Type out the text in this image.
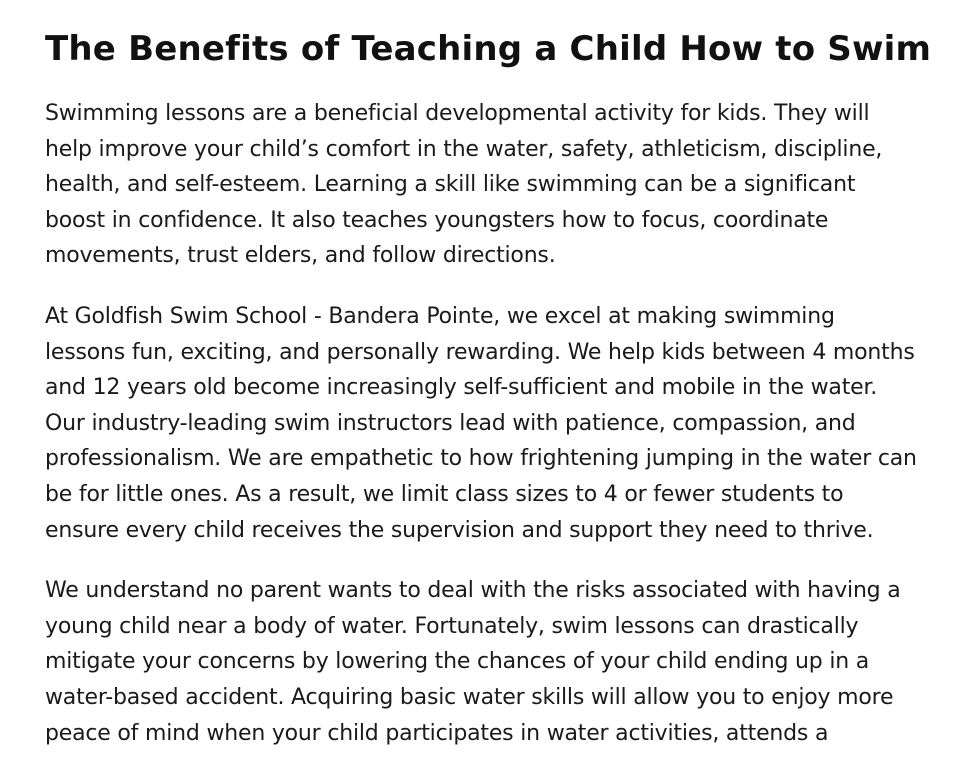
The Benefits of Teaching a Child How to Swim

Swimming lessons are a beneficial developmental activity for kids. They will
help improve your child’s comfort in the water, safety, athleticism, discipline,
health, and self-esteem. Learning a skill like swimming can be a significant
boost in confidence. It also teaches youngsters how to focus, coordinate
movements, trust elders, and follow directions.

At Goldfish Swim School - Bandera Pointe, we excel at making swimming
lessons fun, exciting, and personally rewarding. We help kids between 4 months
and 12 years old become increasingly self-sufficient and mobile in the water.
Our industry-leading swim instructors lead with patience, compassion, and
professionalism. We are empathetic to how frightening jumping in the water can
be for little ones. As a result, we limit class sizes to 4 or fewer students to
ensure every child receives the supervision and support they need to thrive.

We understand no parent wants to deal with the risks associated with having a
young child near a body of water. Fortunately, swim lessons can drastically
mitigate your concerns by lowering the chances of your child ending up in a
water-based accident. Acquiring basic water skills will allow you to enjoy more
peace of mind when your child participates in water activities, attends a
